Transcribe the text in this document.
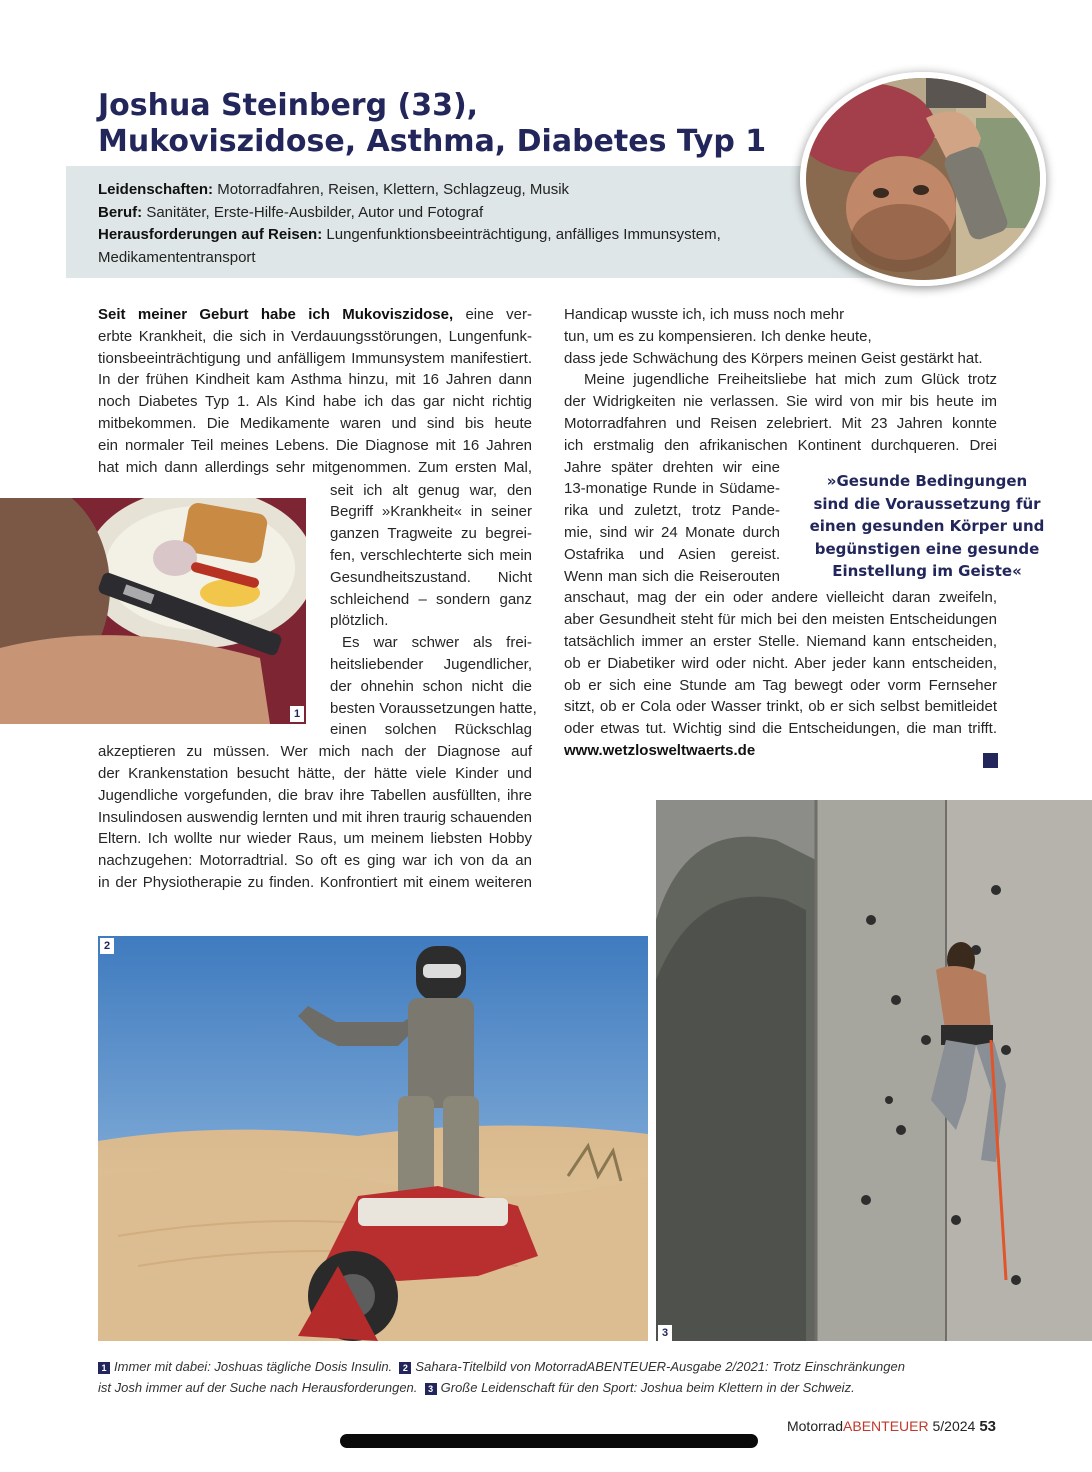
Joshua Steinberg (33),
Mukoviszidose, Asthma, Diabetes Typ 1
Leidenschaften: Motorradfahren, Reisen, Klettern, Schlagzeug, Musik
Beruf: Sanitäter, Erste-Hilfe-Ausbilder, Autor und Fotograf
Herausforderungen auf Reisen: Lungenfunktionsbeeinträchtigung, anfälliges Immunsystem,
Medikamententransport
Seit meiner Geburt habe ich Mukoviszidose, eine ver-
erbte Krankheit, die sich in Verdauungsstörungen, Lungenfunk-
tionsbeeinträchtigung und anfälligem Immunsystem manifestiert.
In der frühen Kindheit kam Asthma hinzu, mit 16 Jahren dann
noch Diabetes Typ 1. Als Kind habe ich das gar nicht richtig
mitbekommen. Die Medikamente waren und sind bis heute
ein normaler Teil meines Lebens. Die Diagnose mit 16 Jahren
hat mich dann allerdings sehr mitgenommen. Zum ersten Mal,
1
seit ich alt genug war, den
Begriff »Krankheit« in seiner
ganzen Tragweite zu begrei-
fen, verschlechterte sich mein
Gesundheitszustand. Nicht
schleichend – sondern ganz
plötzlich.
Es war schwer als frei-
heitsliebender Jugendlicher,
der ohnehin schon nicht die
besten Voraussetzungen hatte,
einen solchen Rückschlag
akzeptieren zu müssen. Wer mich nach der Diagnose auf
der Krankenstation besucht hätte, der hätte viele Kinder und
Jugendliche vorgefunden, die brav ihre Tabellen ausfüllten, ihre
Insulindosen auswendig lernten und mit ihren traurig schauenden
Eltern. Ich wollte nur wieder Raus, um meinem liebsten Hobby
nachzugehen: Motorradtrial. So oft es ging war ich von da an
in der Physiotherapie zu finden. Konfrontiert mit einem weiteren
Handicap wusste ich, ich muss noch mehr
tun, um es zu kompensieren. Ich denke heute,
dass jede Schwächung des Körpers meinen Geist gestärkt hat.
Meine jugendliche Freiheitsliebe hat mich zum Glück trotz
der Widrigkeiten nie verlassen. Sie wird von mir bis heute im
Motorradfahren und Reisen zelebriert. Mit 23 Jahren konnte
ich erstmalig den afrikanischen Kontinent durchqueren. Drei
Jahre später drehten wir eine
13-monatige Runde in Südame-
rika und zuletzt, trotz Pande-
mie, sind wir 24 Monate durch
Ostafrika und Asien gereist.
Wenn man sich die Reiserouten
»Gesunde Bedingungen
sind die Voraussetzung für
einen gesunden Körper und
begünstigen eine gesunde
Einstellung im Geiste«
anschaut, mag der ein oder andere vielleicht daran zweifeln,
aber Gesundheit steht für mich bei den meisten Entscheidungen
tatsächlich immer an erster Stelle. Niemand kann entscheiden,
ob er Diabetiker wird oder nicht. Aber jeder kann entscheiden,
ob er sich eine Stunde am Tag bewegt oder vorm Fernseher
sitzt, ob er Cola oder Wasser trinkt, ob er sich selbst bemitleidet
oder etwas tut. Wichtig sind die Entscheidungen, die man trifft.
www.wetzlosweltwaerts.de
2
3
1 Immer mit dabei: Joshuas tägliche Dosis Insulin. 2 Sahara-Titelbild von MotorradABENTEUER-Ausgabe 2/2021: Trotz Einschränkungen
ist Josh immer auf der Suche nach Herausforderungen. 3 Große Leidenschaft für den Sport: Joshua beim Klettern in der Schweiz.
MotorradABENTEUER 5/2024 53
